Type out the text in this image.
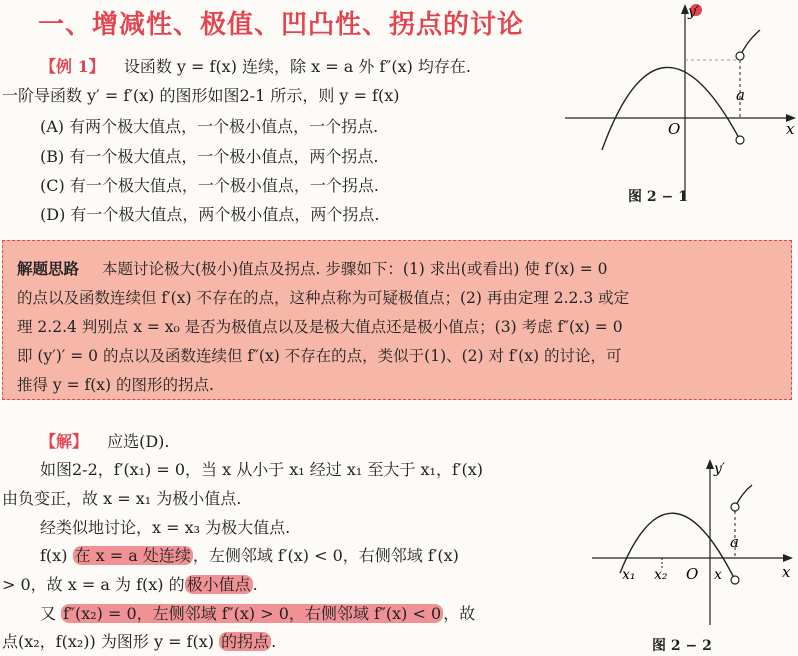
一、增减性、极值、凹凸性、拐点的讨论
【例 1】 设函数 y = f(x) 连续，除 x = a 外 f″(x) 均存在.
一阶导函数 y′ = f′(x) 的图形如图2-1 所示，则 y = f(x)
(A) 有两个极大值点，一个极小值点，一个拐点.
(B) 有一个极大值点，一个极小值点，两个拐点.
(C) 有一个极大值点，一个极小值点，一个拐点.
(D) 有一个极大值点，两个极小值点，两个拐点.
y′
x
O
a
图 2 − 1
解题思路 本题讨论极大(极小)值点及拐点. 步骤如下：(1) 求出(或看出) 使 f′(x) = 0
的点以及函数连续但 f′(x) 不存在的点，这种点称为可疑极值点；(2) 再由定理 2.2.3 或定
理 2.2.4 判别点 x = x₀ 是否为极值点以及是极大值点还是极小值点；(3) 考虑 f″(x) = 0
即 (y′)′ = 0 的点以及函数连续但 f″(x) 不存在的点，类似于(1)、(2) 对 f′(x) 的讨论，可
推得 y = f(x) 的图形的拐点.
【解】 应选(D).
如图2-2，f′(x₁) = 0，当 x 从小于 x₁ 经过 x₁ 至大于 x₁，f′(x)
由负变正，故 x = x₁ 为极小值点.
经类似地讨论，x = x₃ 为极大值点.
f(x) 在 x = a 处连续 ，左侧邻域 f′(x) < 0，右侧邻域 f′(x)
> 0，故 x = a 为 f(x) 的 极小值点 .
又 f″(x₂) = 0，左侧邻域 f″(x) > 0，右侧邻域 f″(x) < 0 ，故
点(x₂，f(x₂)) 为图形 y = f(x) 的拐点 .
y′
x
a
x₁ x₂ O x
图 2 − 2
